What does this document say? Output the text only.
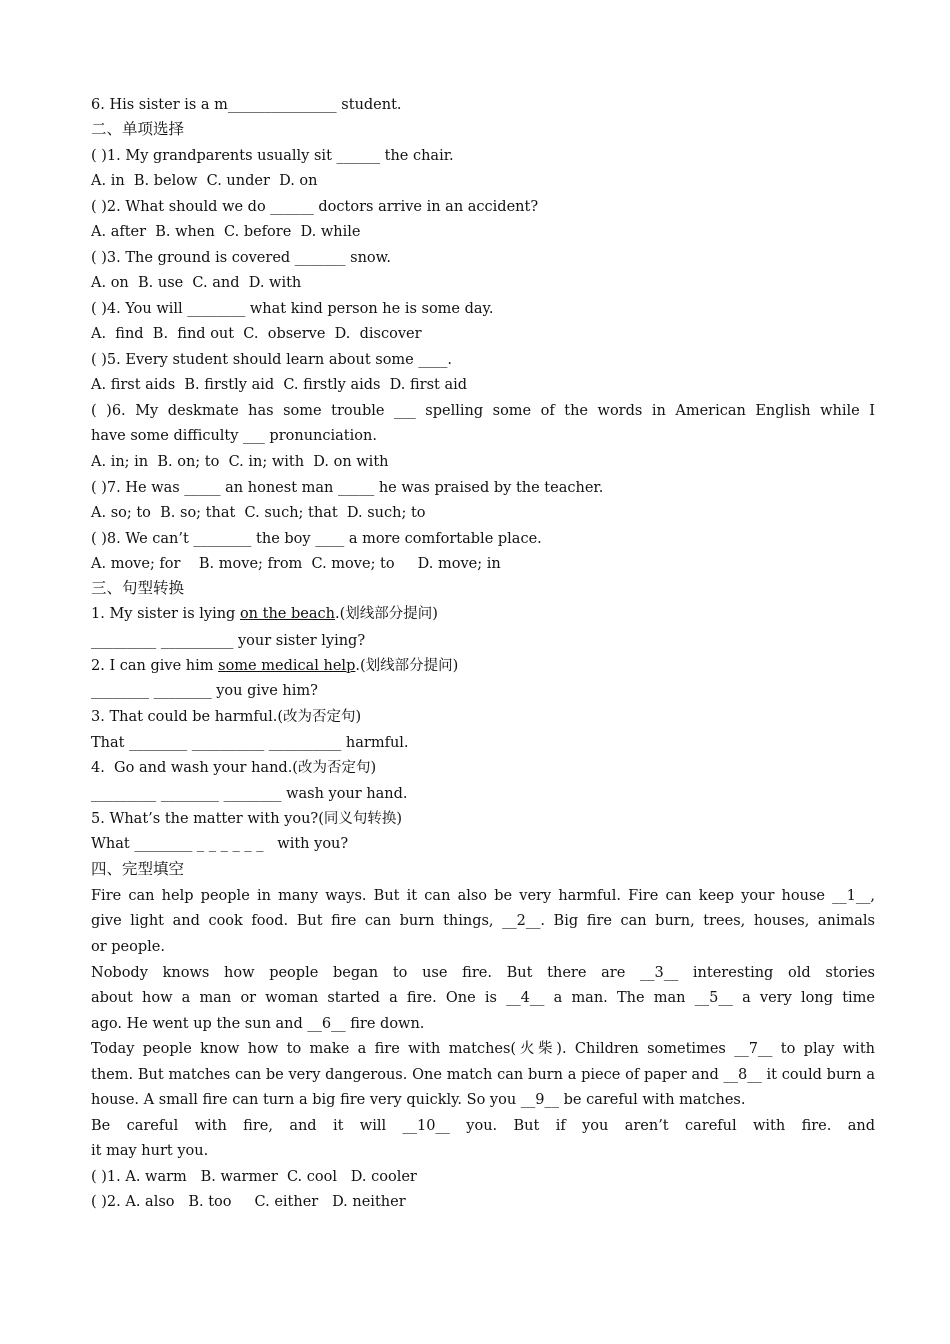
6. His sister is a m_______________ student.
二、单项选择
( )1. My grandparents usually sit ______ the chair.
A. in  B. below  C. under  D. on
( )2. What should we do ______ doctors arrive in an accident?
A. after  B. when  C. before  D. while
( )3. The ground is covered _______ snow.
A. on  B. use  C. and  D. with
( )4. You will ________ what kind person he is some day.
A.  find  B.  find out  C.  observe  D.  discover
( )5. Every student should learn about some ____.
A. first aids  B. firstly aid  C. firstly aids  D. first aid
( )6. My deskmate has some trouble ___ spelling some of the words in American English while I
have some difficulty ___ pronunciation.
A. in; in  B. on; to  C. in; with  D. on with
( )7. He was _____ an honest man _____ he was praised by the teacher.
A. so; to  B. so; that  C. such; that  D. such; to
( )8. We can’t ________ the boy ____ a more comfortable place.
A. move; for    B. move; from  C. move; to     D. move; in
三、句型转换
1. My sister is lying on the beach.(划线部分提问)
_________ __________ your sister lying?
2. I can give him some medical help.(划线部分提问)
________ ________ you give him?
3. That could be harmful.(改为否定句)
That ________ __________ __________ harmful.
4.  Go and wash your hand.(改为否定句)
_________ ________ ________ wash your hand.
5. What’s the matter with you?(同义句转换)
What ________ _ _ _ _ _ _   with you?
四、完型填空
Fire can help people in many ways. But it can also be very harmful. Fire can keep your house __1__,
give light and cook food. But fire can burn things, __2__. Big fire can burn, trees, houses, animals
or people.
Nobody knows how people began to use fire. But there are __3__ interesting old stories
about how a man or woman started a fire. One is __4__ a man. The man __5__ a very long time
ago. He went up the sun and __6__ fire down.
Today people know how to make a fire with matches(火柴). Children sometimes __7__ to play with
them. But matches can be very dangerous. One match can burn a piece of paper and __8__ it could burn a
house. A small fire can turn a big fire very quickly. So you __9__ be careful with matches.
Be careful with fire, and it will __10__ you. But if you aren’t careful with fire. and
it may hurt you.
( )1. A. warm   B. warmer  C. cool   D. cooler
( )2. A. also   B. too     C. either   D. neither
